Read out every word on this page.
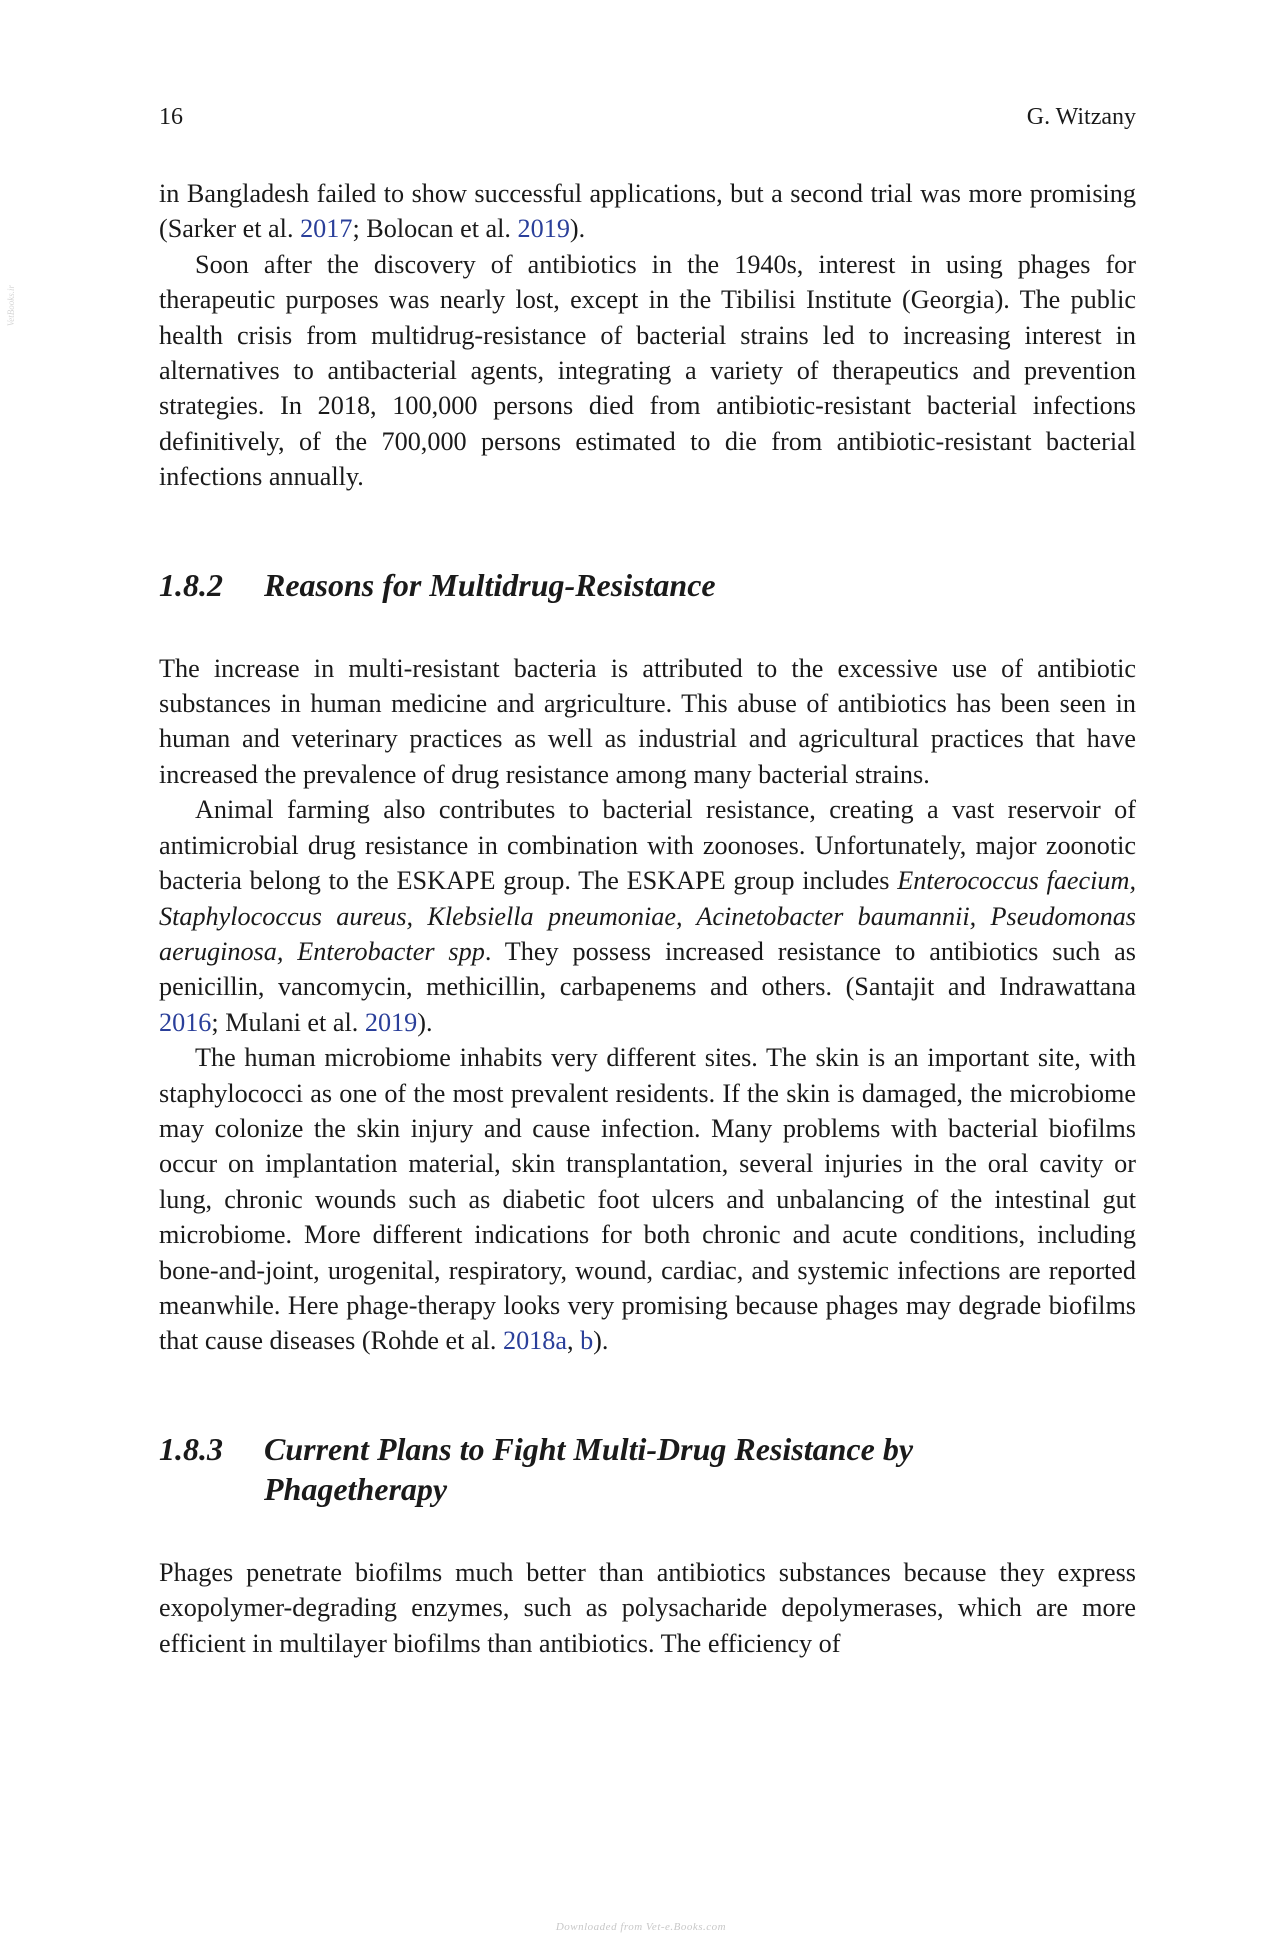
VetBooks.ir
16	G. Witzany

in Bangladesh failed to show successful applications, but a second trial was more promising (Sarker et al. 2017; Bolocan et al. 2019).

Soon after the discovery of antibiotics in the 1940s, interest in using phages for therapeutic purposes was nearly lost, except in the Tibilisi Institute (Georgia). The public health crisis from multidrug-resistance of bacterial strains led to increasing interest in alternatives to antibacterial agents, integrating a variety of therapeutics and prevention strategies. In 2018, 100,000 persons died from antibiotic-resistant bacterial infections definitively, of the 700,000 persons estimated to die from antibiotic-resistant bacterial infections annually.

1.8.2	Reasons for Multidrug-Resistance

The increase in multi-resistant bacteria is attributed to the excessive use of antibiotic substances in human medicine and argriculture. This abuse of antibiotics has been seen in human and veterinary practices as well as industrial and agricultural practices that have increased the prevalence of drug resistance among many bacterial strains.

Animal farming also contributes to bacterial resistance, creating a vast reservoir of antimicrobial drug resistance in combination with zoonoses. Unfortunately, major zoonotic bacteria belong to the ESKAPE group. The ESKAPE group includes Enterococcus faecium, Staphylococcus aureus, Klebsiella pneumoniae, Acinetobacter baumannii, Pseudomonas aeruginosa, Enterobacter spp. They possess increased resistance to antibiotics such as penicillin, vancomycin, methicillin, carbapenems and others. (Santajit and Indrawattana 2016; Mulani et al. 2019).

The human microbiome inhabits very different sites. The skin is an important site, with staphylococci as one of the most prevalent residents. If the skin is damaged, the microbiome may colonize the skin injury and cause infection. Many problems with bacterial biofilms occur on implantation material, skin transplantation, several injuries in the oral cavity or lung, chronic wounds such as diabetic foot ulcers and unbalancing of the intestinal gut microbiome. More different indications for both chronic and acute conditions, including bone-and-joint, urogenital, respiratory, wound, cardiac, and systemic infections are reported meanwhile. Here phage-therapy looks very promising because phages may degrade biofilms that cause diseases (Rohde et al. 2018a, b).

1.8.3	Current Plans to Fight Multi-Drug Resistance by Phagetherapy

Phages penetrate biofilms much better than antibiotics substances because they express exopolymer-degrading enzymes, such as polysacharide depolymerases, which are more efficient in multilayer biofilms than antibiotics. The efficiency of

Downloaded from Vet-e.Books.com
